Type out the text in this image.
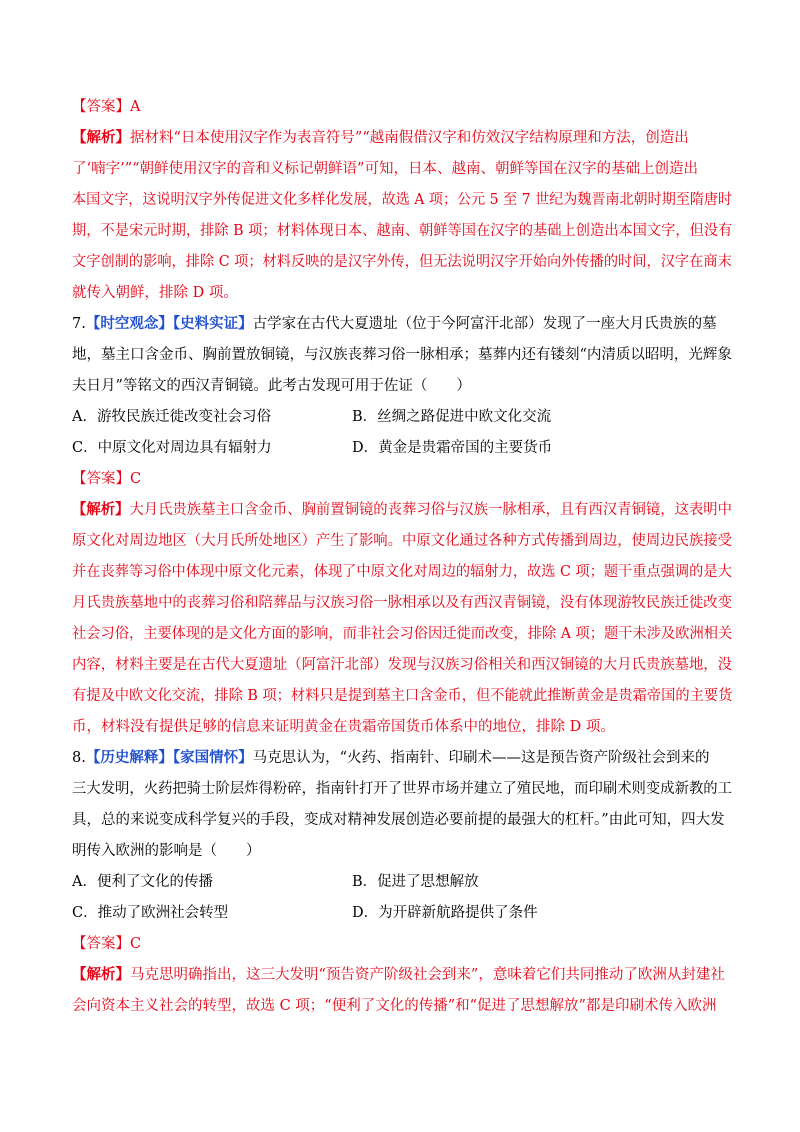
【答案】A
【解析】据材料“日本使用汉字作为表音符号”“越南假借汉字和仿效汉字结构原理和方法，创造出
了‘喃字’”“朝鲜使用汉字的音和义标记朝鲜语”可知，日本、越南、朝鲜等国在汉字的基础上创造出
本国文字，这说明汉字外传促进文化多样化发展，故选 A 项；公元 5 至 7 世纪为魏晋南北朝时期至隋唐时
期，不是宋元时期，排除 B 项；材料体现日本、越南、朝鲜等国在汉字的基础上创造出本国文字，但没有
文字创制的影响，排除 C 项；材料反映的是汉字外传，但无法说明汉字开始向外传播的时间，汉字在商末
就传入朝鲜，排除 D 项。
7.【时空观念】【史料实证】古学家在古代大夏遗址（位于今阿富汗北部）发现了一座大月氏贵族的墓
地，墓主口含金币、胸前置放铜镜，与汉族丧葬习俗一脉相承；墓葬内还有镂刻“内清质以昭明，光辉象
夫日月”等铭文的西汉青铜镜。此考古发现可用于佐证（　　）
A．游牧民族迁徙改变社会习俗	B．丝绸之路促进中欧文化交流
C．中原文化对周边具有辐射力	D．黄金是贵霜帝国的主要货币
【答案】C
【解析】大月氏贵族墓主口含金币、胸前置铜镜的丧葬习俗与汉族一脉相承，且有西汉青铜镜，这表明中
原文化对周边地区（大月氏所处地区）产生了影响。中原文化通过各种方式传播到周边，使周边民族接受
并在丧葬等习俗中体现中原文化元素，体现了中原文化对周边的辐射力，故选 C 项；题干重点强调的是大
月氏贵族墓地中的丧葬习俗和陪葬品与汉族习俗一脉相承以及有西汉青铜镜，没有体现游牧民族迁徙改变
社会习俗，主要体现的是文化方面的影响，而非社会习俗因迁徙而改变，排除 A 项；题干未涉及欧洲相关
内容，材料主要是在古代大夏遗址（阿富汗北部）发现与汉族习俗相关和西汉铜镜的大月氏贵族墓地，没
有提及中欧文化交流，排除 B 项；材料只是提到墓主口含金币，但不能就此推断黄金是贵霜帝国的主要货
币，材料没有提供足够的信息来证明黄金在贵霜帝国货币体系中的地位，排除 D 项。
8.【历史解释】【家国情怀】马克思认为，“火药、指南针、印刷术——这是预告资产阶级社会到来的
三大发明，火药把骑士阶层炸得粉碎，指南针打开了世界市场并建立了殖民地，而印刷术则变成新教的工
具，总的来说变成科学复兴的手段，变成对精神发展创造必要前提的最强大的杠杆。”由此可知，四大发
明传入欧洲的影响是（　　）
A．便利了文化的传播	B．促进了思想解放
C．推动了欧洲社会转型	D．为开辟新航路提供了条件
【答案】C
【解析】马克思明确指出，这三大发明“预告资产阶级社会到来”，意味着它们共同推动了欧洲从封建社
会向资本主义社会的转型，故选 C 项；“便利了文化的传播”和“促进了思想解放”都是印刷术传入欧洲
